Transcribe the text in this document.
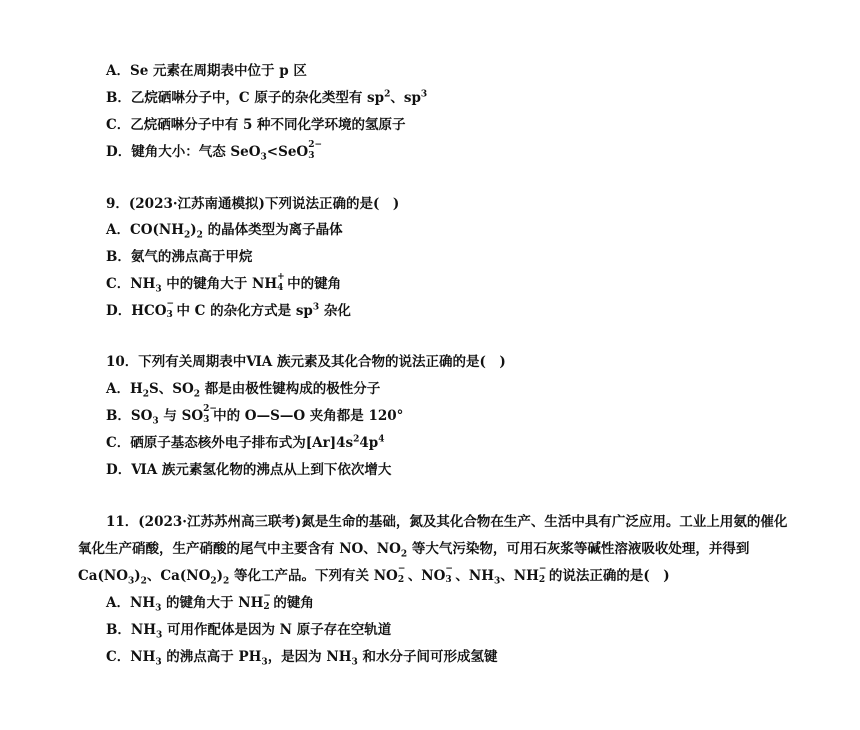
A．Se 元素在周期表中位于 p 区
B．乙烷硒啉分子中，C 原子的杂化类型有 $sp^2$、$sp^3$
C．乙烷硒啉分子中有 5 种不同化学环境的氢原子
D．键角大小：气态 SeO$_3$<SeO 2−
3
9．(2023·江苏南通模拟)下列说法正确的是(　)
A．$CO(NH_2)_2$ 的晶体类型为离子晶体
B．氨气的沸点高于甲烷
C．$NH_3$ 中的键角大于 NH +
4 中的键角
D．HCO −
3 中 C 的杂化方式是 $sp^3$ 杂化
10．下列有关周期表中ⅥA 族元素及其化合物的说法正确的是(　)
A．$H_2S$、$SO_2$ 都是由极性键构成的极性分子
B．$SO_3$ 与 SO 2−
3 中的 O—S—O 夹角都是 120°
C．硒原子基态核外电子排布式为$[Ar]4s^24p^4$
D．ⅥA 族元素氢化物的沸点从上到下依次增大
11．(2023·江苏苏州高三联考)氮是生命的基础，氮及其化合物在生产、生活中具有广泛应用。工业上用氨的催化
氧化生产硝酸，生产硝酸的尾气中主要含有 NO、$NO_2$ 等大气污染物，可用石灰浆等碱性溶液吸收处理，并得到
$Ca(NO_3)_2$、$Ca(NO_2)_2$ 等化工产品。下列有关 NO −
2 、NO −
3 、$NH_3$、NH −
2 的说法正确的是(　)
A．$NH_3$ 的键角大于 NH −
2 的键角
B．$NH_3$ 可用作配体是因为 N 原子存在空轨道
C．$NH_3$ 的沸点高于 $PH_3$，是因为 $NH_3$ 和水分子间可形成氢键
